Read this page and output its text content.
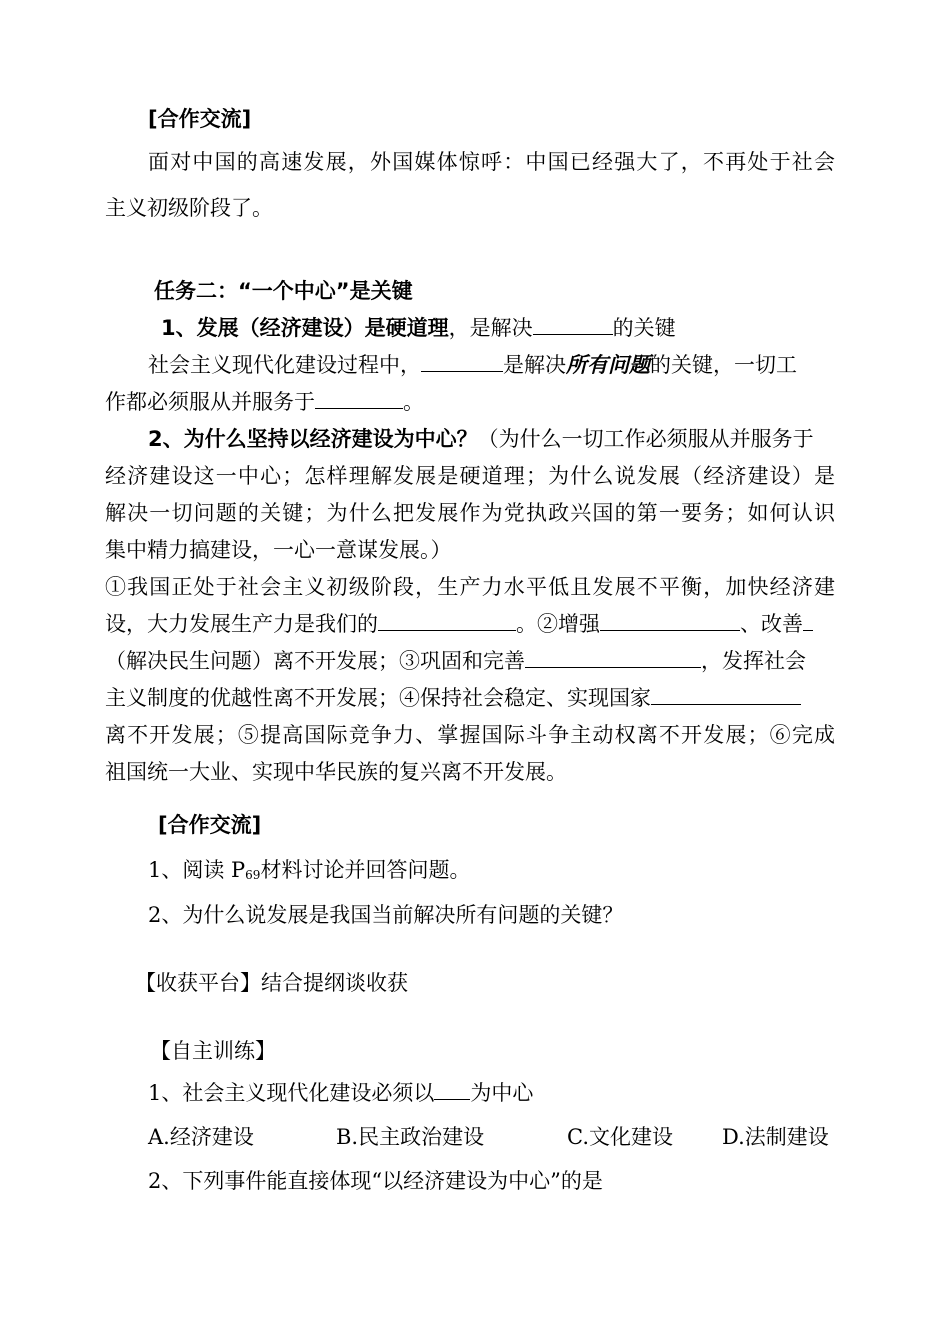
[合作交流]
面对中国的高速发展，外国媒体惊呼：中国已经强大了，不再处于社会
主义初级阶段了。
任务二：“一个中心”是关键
1、发展（经济建设）是硬道理，是解决	的关键
社会主义现代化建设过程中，	是解决所有问题的关键，一切工
作都必须服从并服务于	。
2、为什么坚持以经济建设为中心？（为什么一切工作必须服从并服务于
经济建设这一中心；怎样理解发展是硬道理；为什么说发展（经济建设）是
解决一切问题的关键；为什么把发展作为党执政兴国的第一要务；如何认识
集中精力搞建设，一心一意谋发展。）
①我国正处于社会主义初级阶段，生产力水平低且发展不平衡，加快经济建
设，大力发展生产力是我们的	。②增强	、改善
（解决民生问题）离不开发展；③巩固和完善	，发挥社会
主义制度的优越性离不开发展；④保持社会稳定、实现国家
离不开发展；⑤提高国际竞争力、掌握国际斗争主动权离不开发展；⑥完成
祖国统一大业、实现中华民族的复兴离不开发展。
[合作交流]
1、阅读 $P_{69}$材料讨论并回答问题。
2、为什么说发展是我国当前解决所有问题的关键？
【收获平台】结合提纲谈收获
【自主训练】
1、社会主义现代化建设必须以 为中心
A.经济建设	B.民主政治建设	C.文化建设 D.法制建设
2、下列事件能直接体现“以经济建设为中心”的是
